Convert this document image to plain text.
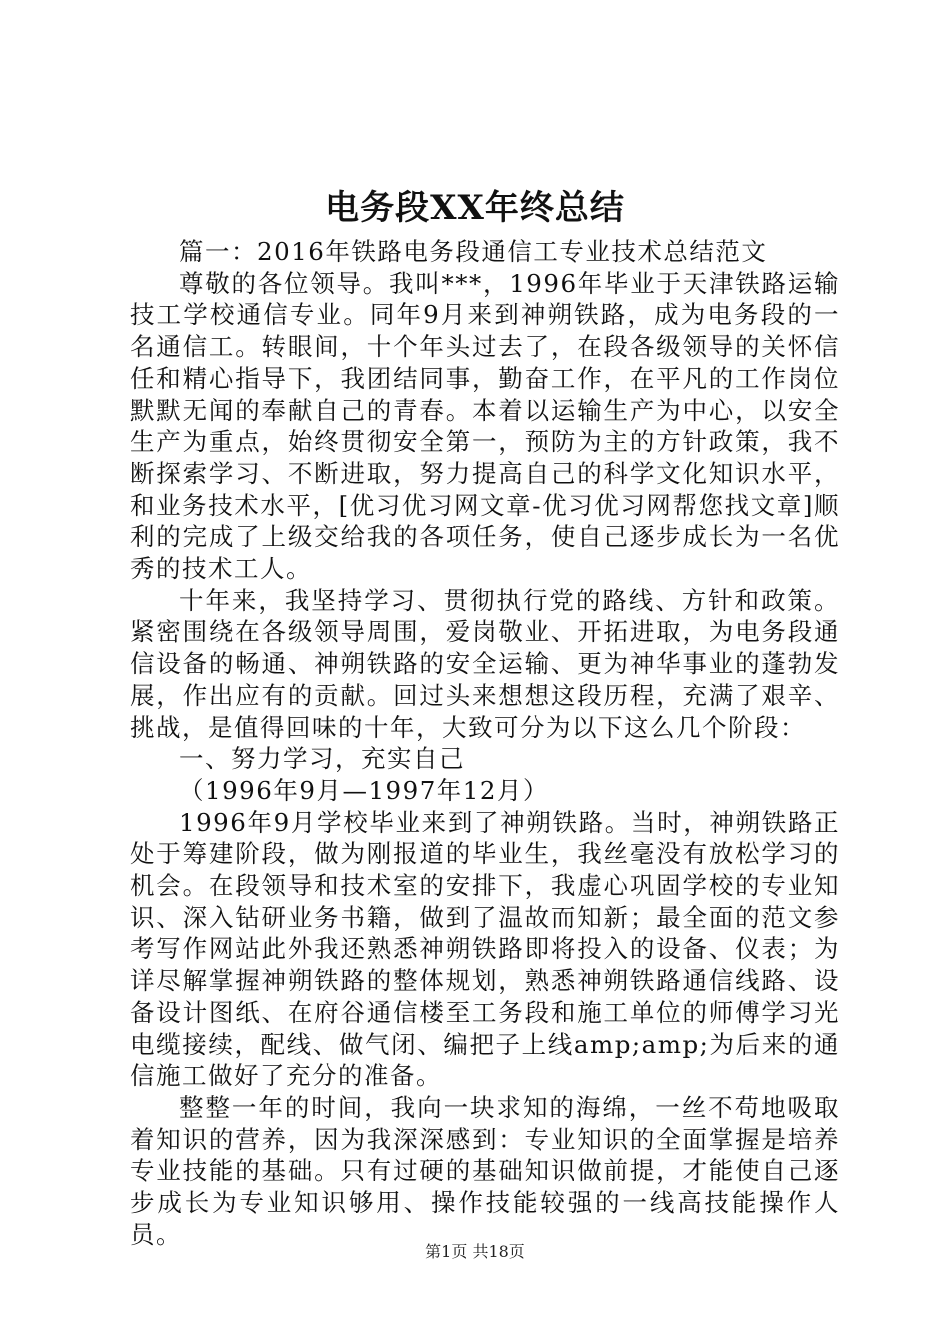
电务段XX年终总结

篇一：2016年铁路电务段通信工专业技术总结范文

尊敬的各位领导。我叫***，1996年毕业于天津铁路运输技工学校通信专业。同年9月来到神朔铁路，成为电务段的一名通信工。转眼间，十个年头过去了，在段各级领导的关怀信任和精心指导下，我团结同事，勤奋工作，在平凡的工作岗位默默无闻的奉献自己的青春。本着以运输生产为中心，以安全生产为重点，始终贯彻安全第一，预防为主的方针政策，我不断探索学习、不断进取，努力提高自己的科学文化知识水平，和业务技术水平，[优习优习网文章-优习优习网帮您找文章]顺利的完成了上级交给我的各项任务，使自己逐步成长为一名优秀的技术工人。

十年来，我坚持学习、贯彻执行党的路线、方针和政策。紧密围绕在各级领导周围，爱岗敬业、开拓进取，为电务段通信设备的畅通、神朔铁路的安全运输、更为神华事业的蓬勃发展，作出应有的贡献。回过头来想想这段历程，充满了艰辛、挑战，是值得回味的十年，大致可分为以下这么几个阶段：

一、努力学习，充实自己

（1996年9月—1997年12月）

1996年9月学校毕业来到了神朔铁路。当时，神朔铁路正处于筹建阶段，做为刚报道的毕业生，我丝毫没有放松学习的机会。在段领导和技术室的安排下，我虚心巩固学校的专业知识、深入钻研业务书籍，做到了温故而知新；最全面的范文参考写作网站此外我还熟悉神朔铁路即将投入的设备、仪表；为详尽解掌握神朔铁路的整体规划，熟悉神朔铁路通信线路、设备设计图纸、在府谷通信楼至工务段和施工单位的师傅学习光电缆接续，配线、做气闭、编把子上线amp;amp;为后来的通信施工做好了充分的准备。

整整一年的时间，我向一块求知的海绵，一丝不苟地吸取着知识的营养，因为我深深感到：专业知识的全面掌握是培养专业技能的基础。只有过硬的基础知识做前提，才能使自己逐步成长为专业知识够用、操作技能较强的一线高技能操作人员。

第1页 共18页
